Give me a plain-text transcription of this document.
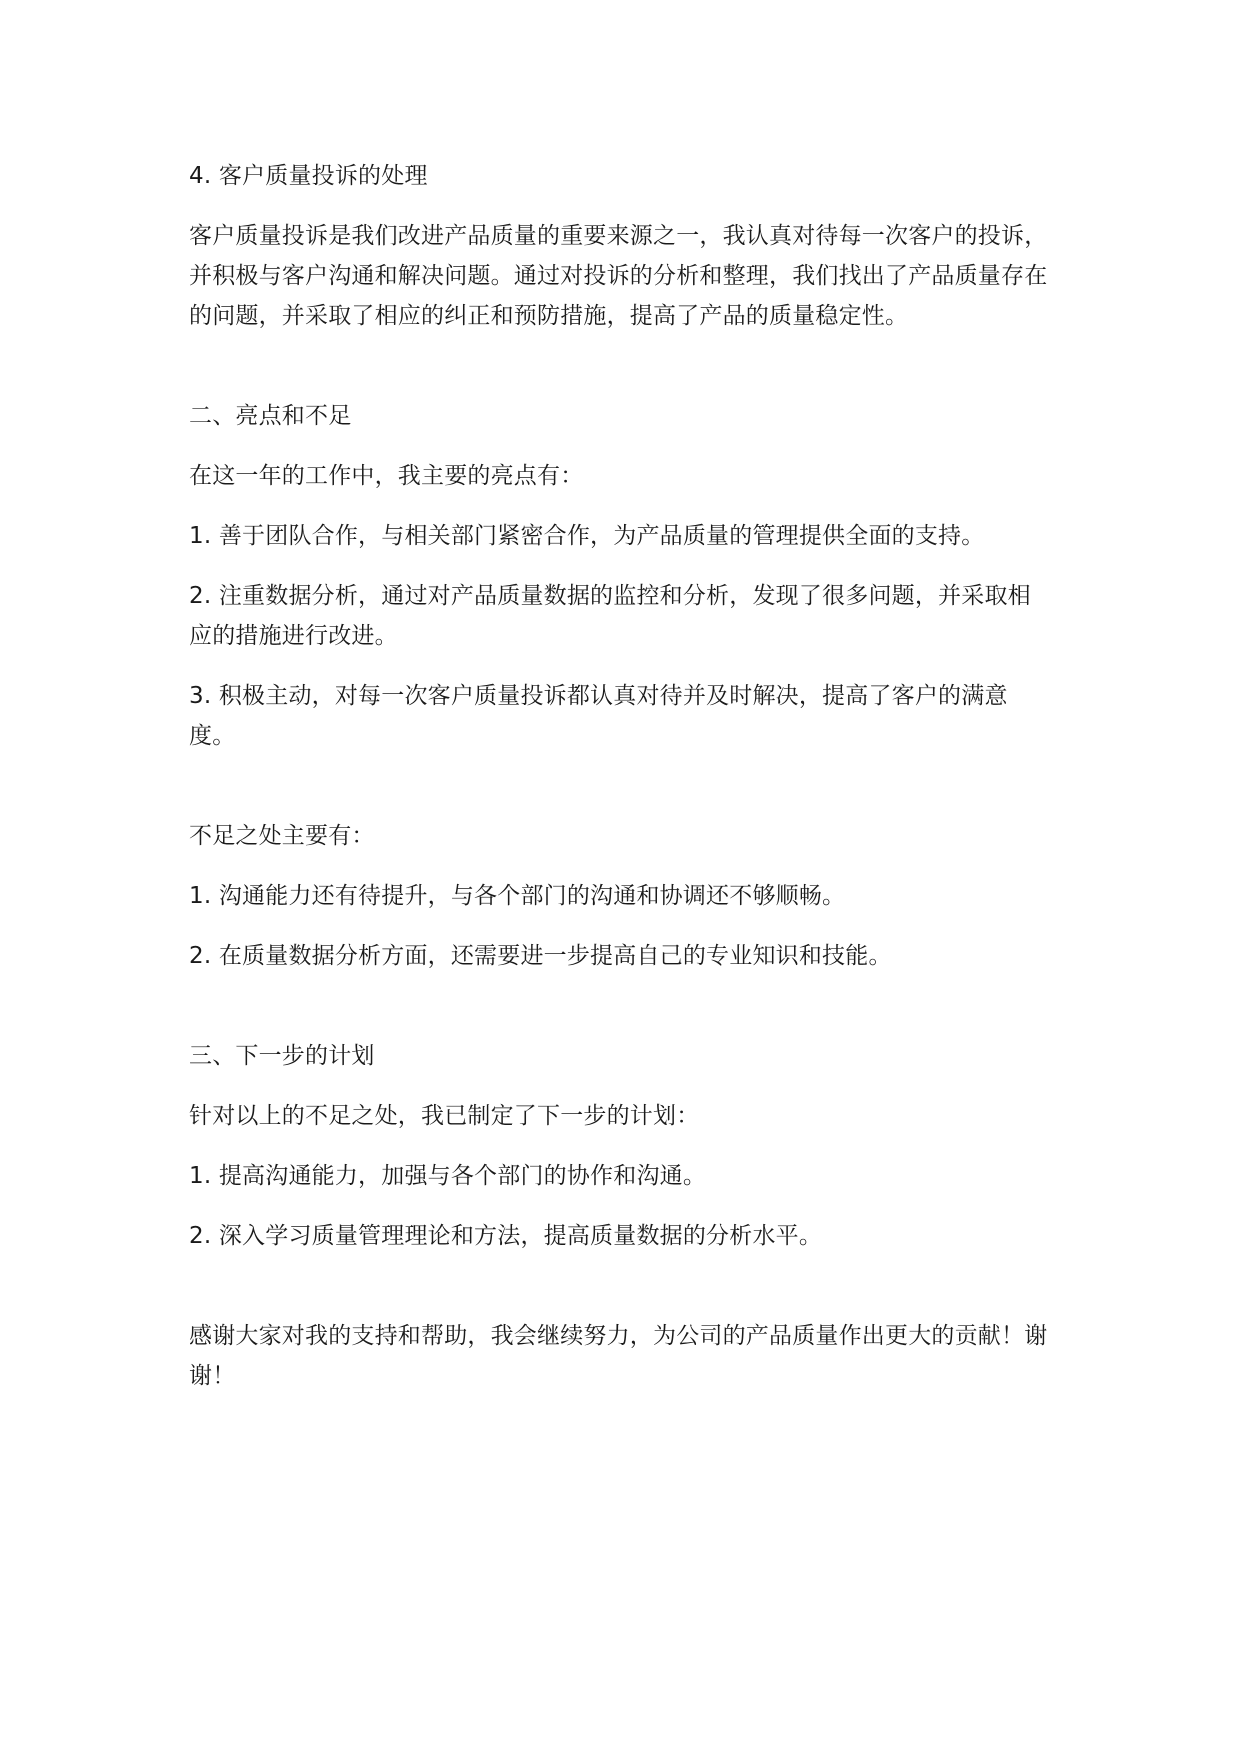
4. 客户质量投诉的处理

客户质量投诉是我们改进产品质量的重要来源之一，我认真对待每一次客户的投诉，并积极与客户沟通和解决问题。通过对投诉的分析和整理，我们找出了产品质量存在的问题，并采取了相应的纠正和预防措施，提高了产品的质量稳定性。

二、亮点和不足

在这一年的工作中，我主要的亮点有：

1. 善于团队合作，与相关部门紧密合作，为产品质量的管理提供全面的支持。

2. 注重数据分析，通过对产品质量数据的监控和分析，发现了很多问题，并采取相应的措施进行改进。

3. 积极主动，对每一次客户质量投诉都认真对待并及时解决，提高了客户的满意度。

不足之处主要有：

1. 沟通能力还有待提升，与各个部门的沟通和协调还不够顺畅。

2. 在质量数据分析方面，还需要进一步提高自己的专业知识和技能。

三、下一步的计划

针对以上的不足之处，我已制定了下一步的计划：

1. 提高沟通能力，加强与各个部门的协作和沟通。

2. 深入学习质量管理理论和方法，提高质量数据的分析水平。

感谢大家对我的支持和帮助，我会继续努力，为公司的产品质量作出更大的贡献！谢谢！
